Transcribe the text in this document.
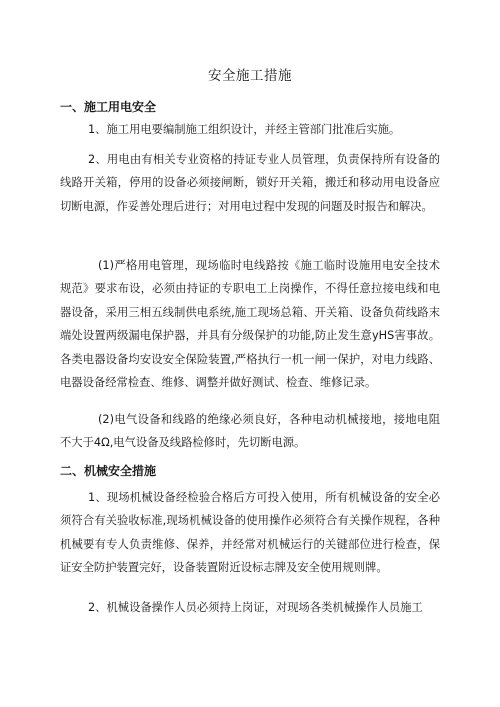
安全施工措施
一、施工用电安全

1、施工用电要编制施工组织设计，并经主管部门批准后实施。

2、用电由有相关专业资格的持证专业人员管理，负责保持所有设备的线路开关箱，停用的设备必须接闸断，锁好开关箱，搬迁和移动用电设备应切断电源，作妥善处理后进行；对用电过程中发现的问题及时报告和解决。

(1)严格用电管理，现场临时电线路按《施工临时设施用电安全技术规范》要求布设，必须由持证的专职电工上岗操作，不得任意拉接电线和电器设备，采用三相五线制供电系统,施工现场总箱、开关箱、设备负荷线路末端处设置两级漏电保护器，并具有分级保护的功能,防止发生意yHS害事故。各类电器设备均安设安全保险装置,严格执行一机一闸一保护，对电力线路、电器设备经常检查、维修、调整并做好测试、检查、维修记录。

(2)电气设备和线路的绝缘必须良好，各种电动机械接地，接地电阻不大于4Ω,电气设备及线路检修时，先切断电源。

二、机械安全措施

1、现场机械设备经检验合格后方可投入使用，所有机械设备的安全必须符合有关验收标准,现场机械设备的使用操作必须符合有关操作规程，各种机械要有专人负责维修、保养，并经常对机械运行的关键部位进行检查，保证安全防护装置完好，设备装置附近设标志牌及安全使用规则牌。

2、机械设备操作人员必须持上岗证，对现场各类机械操作人员施工
